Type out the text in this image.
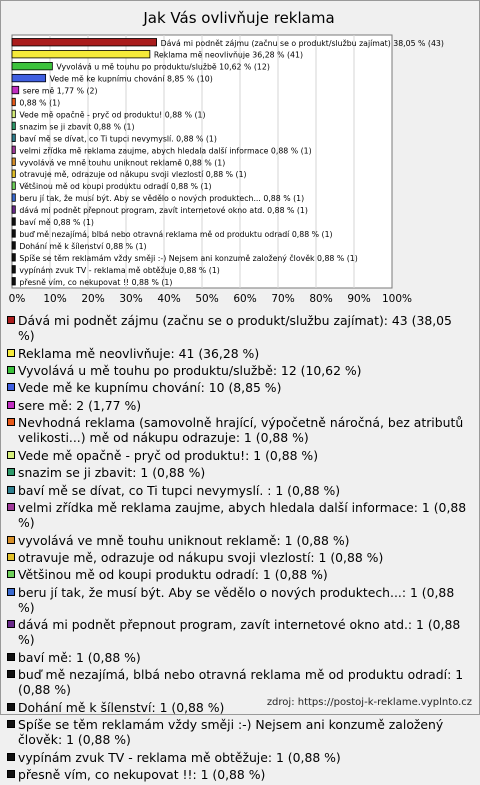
Jak Vás ovlivňuje reklama
0% 10% 20% 30% 40% 50% 60% 70% 80% 90% 100%
Dává mi podnět zájmu (začnu se o produkt/službu zajímat) 38,05 % (43)
Reklama mě neovlivňuje 36,28 % (41)
Vyvolává u mě touhu po produktu/službě 10,62 % (12)
Vede mě ke kupnímu chování 8,85 % (10)
sere mě 1,77 % (2)
0,88 % (1)
Vede mě opačně - pryč od produktu! 0,88 % (1)
snazim se ji zbavit 0,88 % (1)
baví mě se dívat, co Ti tupci nevymyslí. 0,88 % (1)
velmi zřídka mě reklama zaujme, abych hledala další informace 0,88 % (1)
vyvolává ve mně touhu uniknout reklamě 0,88 % (1)
otravuje mě, odrazuje od nákupu svoji vlezlostí 0,88 % (1)
Většinou mě od koupi produktu odradí 0,88 % (1)
beru jí tak, že musí být. Aby se vědělo o nových produktech... 0,88 % (1)
dává mi podnět přepnout program, zavít internetové okno atd. 0,88 % (1)
baví mě 0,88 % (1)
buď mě nezajímá, blbá nebo otravná reklama mě od produktu odradí 0,88 % (1)
Dohání mě k šílenství 0,88 % (1)
Spíše se těm reklamám vždy směji :-) Nejsem ani konzumě založený člověk 0,88 % (1)
vypínám zvuk TV - reklama mě obtěžuje 0,88 % (1)
přesně vím, co nekupovat !! 0,88 % (1)
Dává mi podnět zájmu (začnu se o produkt/službu zajímat): 43 (38,05 %)
Reklama mě neovlivňuje: 41 (36,28 %)
Vyvolává u mě touhu po produktu/službě: 12 (10,62 %)
Vede mě ke kupnímu chování: 10 (8,85 %)
sere mě: 2 (1,77 %)
Nevhodná reklama (samovolně hrající, výpočetně náročná, bez atributů velikosti...) mě od nákupu odrazuje: 1 (0,88 %)
Vede mě opačně - pryč od produktu!: 1 (0,88 %)
snazim se ji zbavit: 1 (0,88 %)
baví mě se dívat, co Ti tupci nevymyslí. : 1 (0,88 %)
velmi zřídka mě reklama zaujme, abych hledala další informace: 1 (0,88 %)
vyvolává ve mně touhu uniknout reklamě: 1 (0,88 %)
otravuje mě, odrazuje od nákupu svoji vlezlostí: 1 (0,88 %)
Většinou mě od koupi produktu odradí: 1 (0,88 %)
beru jí tak, že musí být. Aby se vědělo o nových produktech...: 1 (0,88 %)
dává mi podnět přepnout program, zavít internetové okno atd.: 1 (0,88 %)
baví mě: 1 (0,88 %)
buď mě nezajímá, blbá nebo otravná reklama mě od produktu odradí: 1 (0,88 %)
Dohání mě k šílenství: 1 (0,88 %)
Spíše se těm reklamám vždy směji :-) Nejsem ani konzumě založený člověk: 1 (0,88 %)
vypínám zvuk TV - reklama mě obtěžuje: 1 (0,88 %)
přesně vím, co nekupovat !!: 1 (0,88 %)
zdroj: https://postoj-k-reklame.vyplnto.cz
